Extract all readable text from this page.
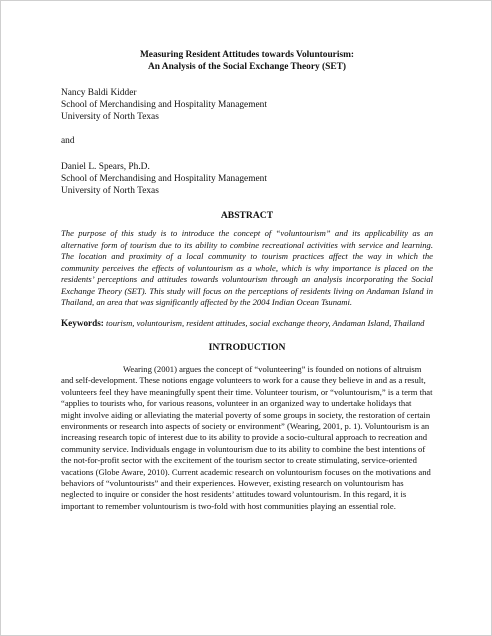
Measuring Resident Attitudes towards Voluntourism:
An Analysis of the Social Exchange Theory (SET)
Nancy Baldi Kidder
School of Merchandising and Hospitality Management
University of North Texas
and
Daniel L. Spears, Ph.D.
School of Merchandising and Hospitality Management
University of North Texas
ABSTRACT

The purpose of this study is to introduce the concept of “voluntourism” and its applicability as an alternative form of tourism due to its ability to combine recreational activities with service and learning. The location and proximity of a local community to tourism practices affect the way in which the community perceives the effects of voluntourism as a whole, which is why importance is placed on the residents’ perceptions and attitudes towards voluntourism through an analysis incorporating the Social Exchange Theory (SET). This study will focus on the perceptions of residents living on Andaman Island in Thailand, an area that was significantly affected by the 2004 Indian Ocean Tsunami.

Keywords: tourism, voluntourism, resident attitudes, social exchange theory, Andaman Island, Thailand
INTRODUCTION

Wearing (2001) argues the concept of “volunteering” is founded on notions of altruism and self-development. These notions engage volunteers to work for a cause they believe in and as a result, volunteers feel they have meaningfully spent their time. Volunteer tourism, or “voluntourism,” is a term that “applies to tourists who, for various reasons, volunteer in an organized way to undertake holidays that might involve aiding or alleviating the material poverty of some groups in society, the restoration of certain environments or research into aspects of society or environment” (Wearing, 2001, p. 1). Voluntourism is an increasing research topic of interest due to its ability to provide a socio-cultural approach to recreation and community service. Individuals engage in voluntourism due to its ability to combine the best intentions of the not-for-profit sector with the excitement of the tourism sector to create stimulating, service-oriented vacations (Globe Aware, 2010). Current academic research on voluntourism focuses on the motivations and behaviors of “voluntourists” and their experiences. However, existing research on voluntourism has neglected to inquire or consider the host residents’ attitudes toward voluntourism. In this regard, it is important to remember voluntourism is two-fold with host communities playing an essential role.
